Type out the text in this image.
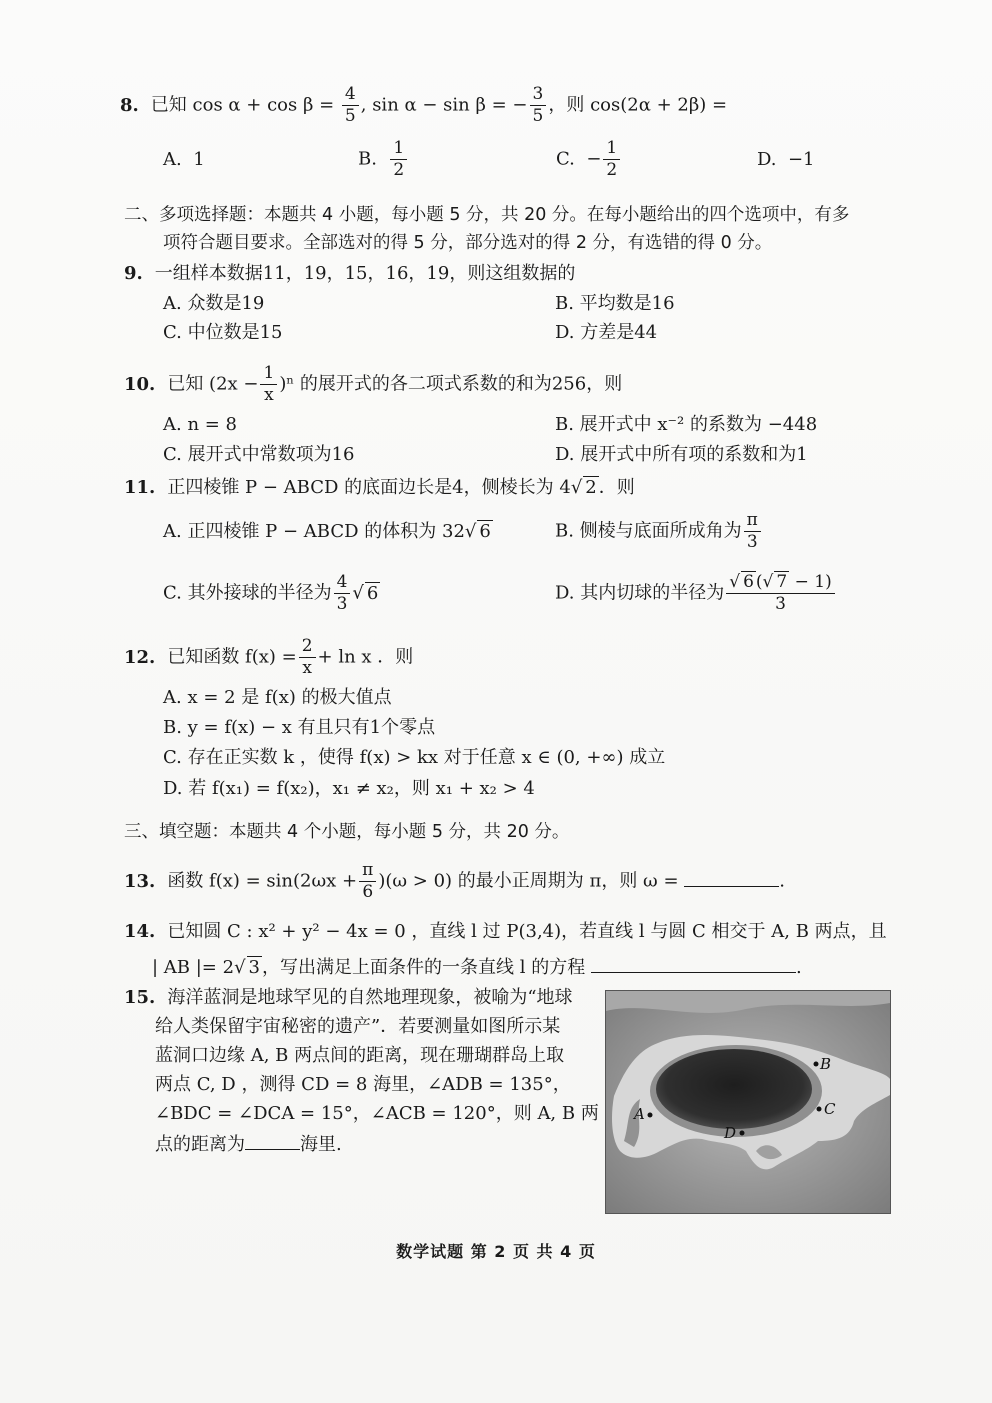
8. 已知 $\cos \alpha + \cos \beta = \frac{4}{5}$ , sin α − sin β = − $\frac{3}{5}$ ，则 cos(2α + 2β) =
A. 1	B. $\frac{1}{2}$	C. − $\frac{1}{2}$	D. −1
二、多项选择题：本题共 4 小题，每小题 5 分，共 20 分。在每小题给出的四个选项中，有多
项符合题目要求。全部选对的得 5 分，部分选对的得 2 分，有选错的得 0 分。
9. 一组样本数据11，19，15，16，19，则这组数据的
A. 众数是19	B. 平均数是16
C. 中位数是15	D. 方差是44
10. 已知 $(2x - \frac{1}{x} )^n$ 的展开式的各二项式系数的和为256，则
A. n = 8	B. 展开式中 x⁻² 的系数为 −448
C. 展开式中常数项为16	D. 展开式中所有项的系数和为1
11. 正四棱锥 P − ABCD 的底面边长是4，侧棱长为 4√ 2 ．则
A. 正四棱锥 P − ABCD 的体积为 32√ 6	B. 侧棱与底面所成角为 $\frac{\pi}{3}$
C. 其外接球的半径为 $\frac{4}{3}$ √ 6	D. 其内切球的半径为 $\frac{√ 6 (√ 7 - 1)}{3}$
12. 已知函数 $f(x) = \frac{2}{x} + \ln x$ ．则
A. x = 2 是 f(x) 的极大值点
B. y = f(x) − x 有且只有1个零点
C. 存在正实数 k ，使得 f(x) > kx 对于任意 x ∈ (0, +∞) 成立
D. 若 f(x₁) = f(x₂)，x₁ ≠ x₂，则 x₁ + x₂ > 4
三、填空题：本题共 4 个小题，每小题 5 分，共 20 分。
13. 函数 $f(x) = \sin(2\omega x + \frac{\pi}{6} )(\omega > 0)$ 的最小正周期为 π，则 ω =	.
14. 已知圆 C : x² + y² − 4x = 0 ，直线 l 过 P(3,4)，若直线 l 与圆 C 相交于 A, B 两点，且
| AB |= 2√ 3 ，写出满足上面条件的一条直线 l 的方程	.
15. 海洋蓝洞是地球罕见的自然地理现象，被喻为“地球
给人类保留宇宙秘密的遗产”．若要测量如图所示某
蓝洞口边缘 A, B 两点间的距离，现在珊瑚群岛上取
两点 C, D ，测得 CD = 8 海里，∠ADB = 135°，
∠BDC = ∠DCA = 15°，∠ACB = 120°，则 A, B 两
点的距离为	海里.
B
A	C
D
数学试题 第 2 页 共 4 页
